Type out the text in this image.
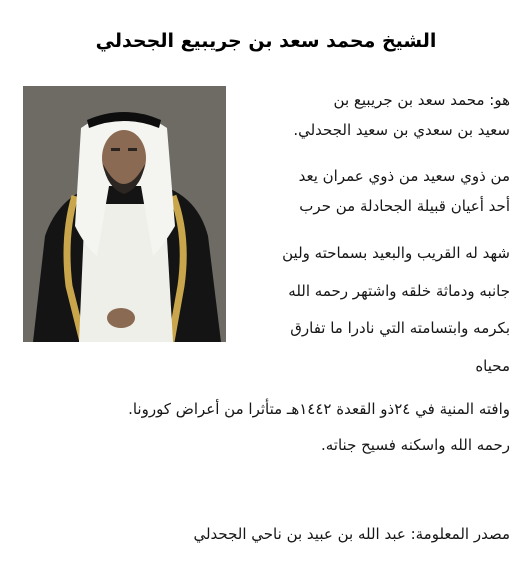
الشيخ محمد سعد بن جريبيع الجحدلي
هو: محمد سعد بن جريبيع بن
سعيد بن سعدي بن سعيد الجحدلي.
من ذوي سعيد من ذوي عمران يعد
أحد أعيان قبيلة الجحادلة من حرب
شهد له القريب والبعيد بسماحته ولين
جانبه ودماثة خلقه واشتهر رحمه الله
بكرمه وابتسامته التي نادرا ما تفارق
محياه
وافته المنية في ٢٤ذو القعدة ١٤٤٢هـ متأثرا من أعراض كورونا.
رحمه الله واسكنه فسيح جناته.
مصدر المعلومة: عبد الله بن عبيد بن ناحي الجحدلي
